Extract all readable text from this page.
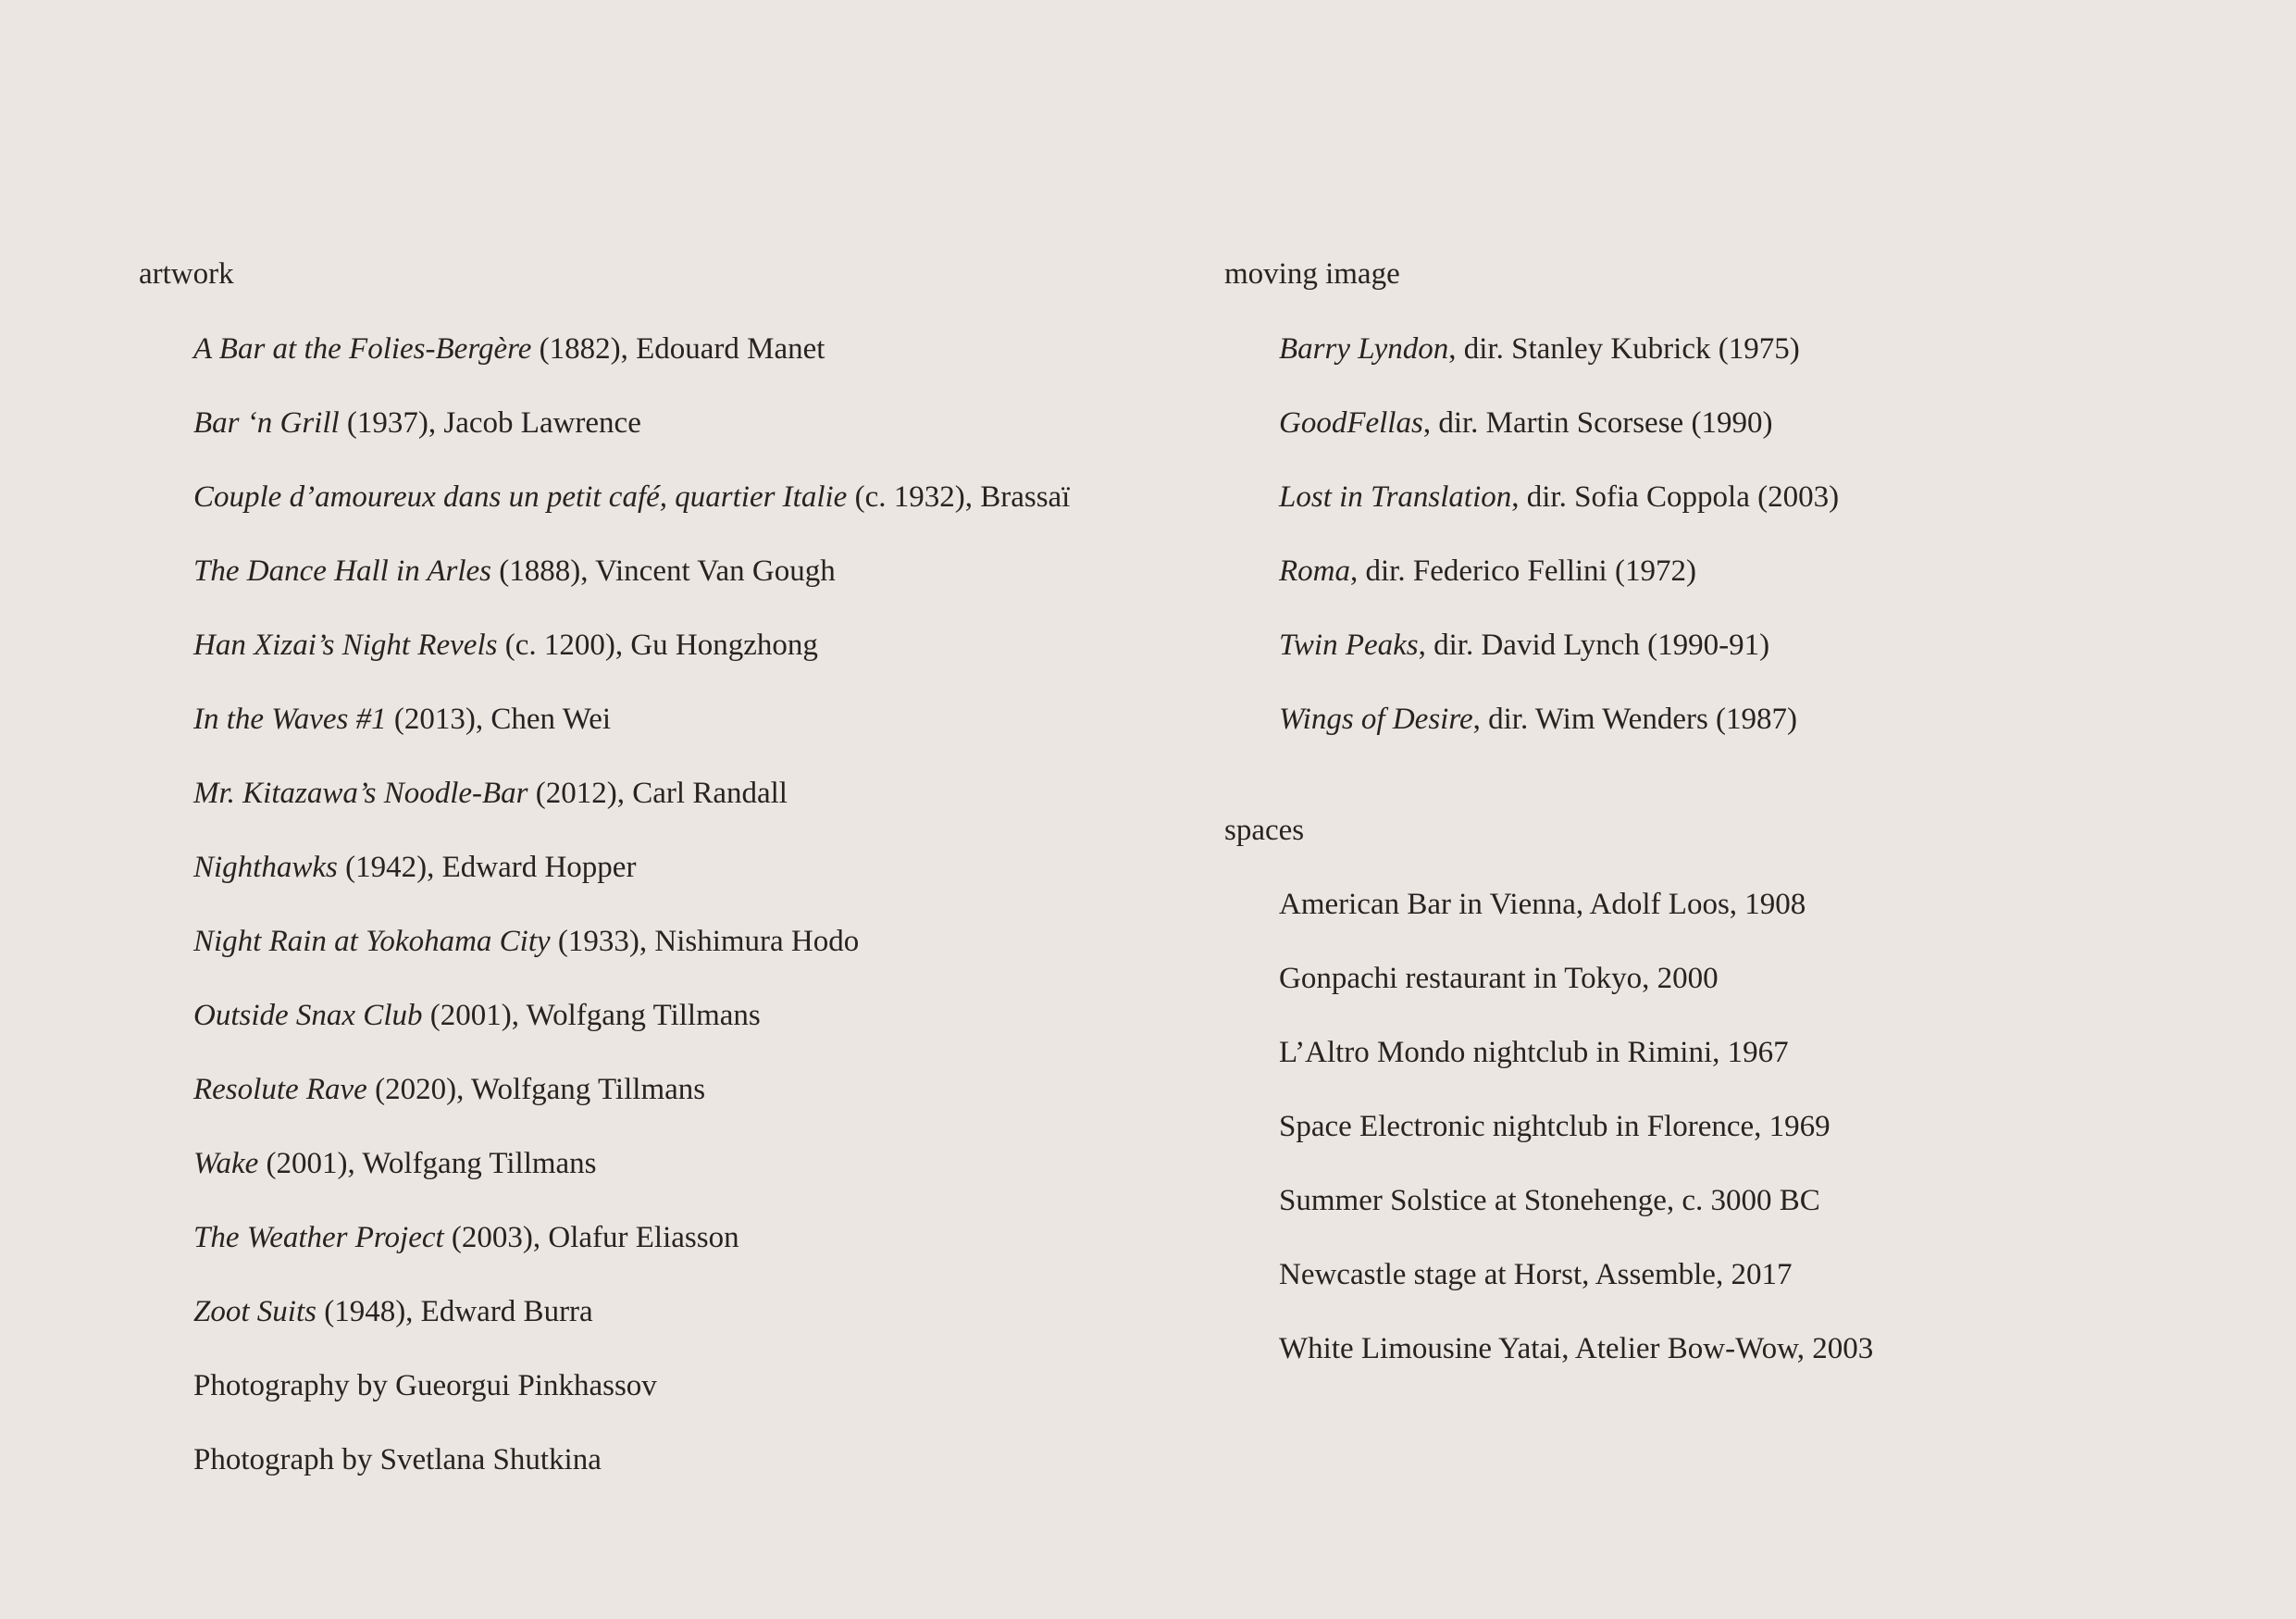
artwork
A Bar at the Folies-Bergère (1882), Edouard Manet
Bar ‘n Grill (1937), Jacob Lawrence
Couple d’amoureux dans un petit café, quartier Italie (c. 1932), Brassaï
The Dance Hall in Arles (1888), Vincent Van Gough
Han Xizai’s Night Revels (c. 1200), Gu Hongzhong
In the Waves #1 (2013), Chen Wei
Mr. Kitazawa’s Noodle-Bar (2012), Carl Randall
Nighthawks (1942), Edward Hopper
Night Rain at Yokohama City (1933), Nishimura Hodo
Outside Snax Club (2001), Wolfgang Tillmans
Resolute Rave (2020), Wolfgang Tillmans
Wake (2001), Wolfgang Tillmans
The Weather Project (2003), Olafur Eliasson
Zoot Suits (1948), Edward Burra
Photography by Gueorgui Pinkhassov
Photograph by Svetlana Shutkina
moving image
Barry Lyndon, dir. Stanley Kubrick (1975)
GoodFellas, dir. Martin Scorsese (1990)
Lost in Translation, dir. Sofia Coppola (2003)
Roma, dir. Federico Fellini (1972)
Twin Peaks, dir. David Lynch (1990-91)
Wings of Desire, dir. Wim Wenders (1987)
spaces
American Bar in Vienna, Adolf Loos, 1908
Gonpachi restaurant in Tokyo, 2000
L’Altro Mondo nightclub in Rimini, 1967
Space Electronic nightclub in Florence, 1969
Summer Solstice at Stonehenge, c. 3000 BC
Newcastle stage at Horst, Assemble, 2017
White Limousine Yatai, Atelier Bow-Wow, 2003
